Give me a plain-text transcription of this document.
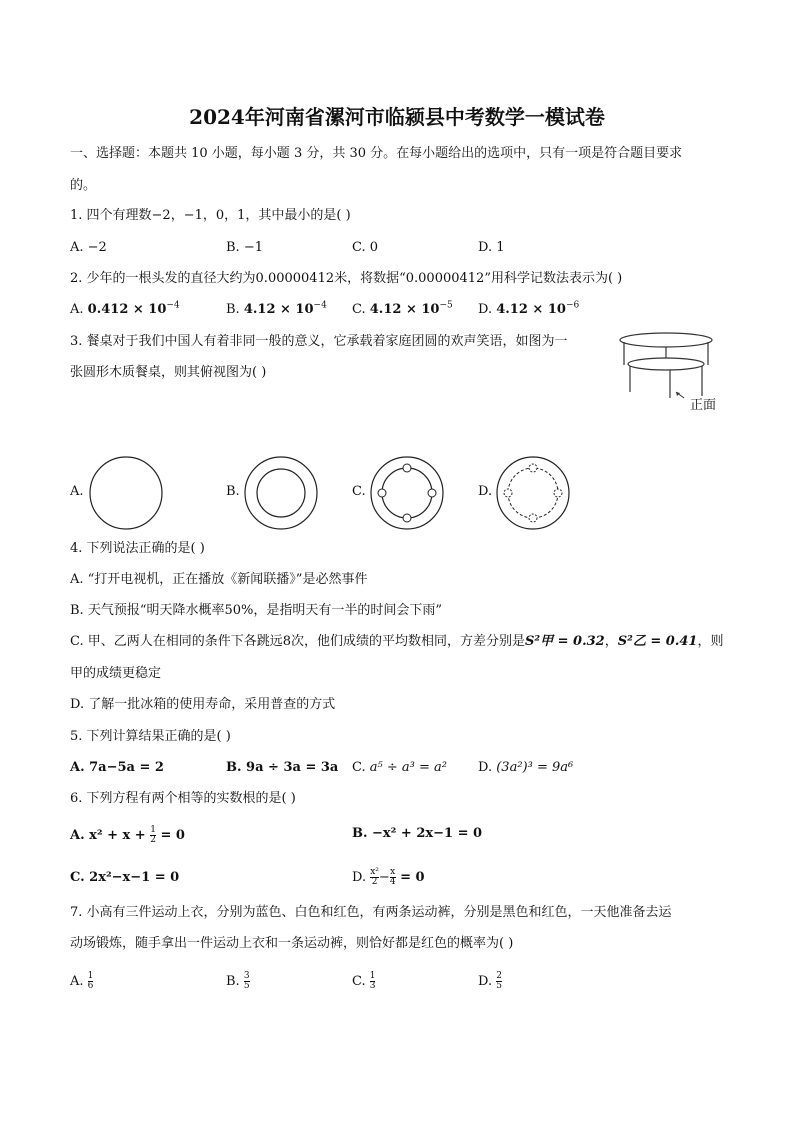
2024年河南省漯河市临颍县中考数学一模试卷
一、选择题：本题共 10 小题，每小题 3 分，共 30 分。在每小题给出的选项中，只有一项是符合题目要求
的。
1. 四个有理数−2，−1，0，1，其中最小的是( )
A. −2	B. −1	C. 0	D. 1
2. 少年的一根头发的直径大约为0.00000412米，将数据“0.00000412”用科学记数法表示为( )
A. $0.412 \times 10^{-4}$	B. $4.12 \times 10^{-4}$ C. $4.12 \times 10^{-5}$ D. $4.12 \times 10^{-6}$
3. 餐桌对于我们中国人有着非同一般的意义，它承载着家庭团圆的欢声笑语，如图为一
张圆形木质餐桌，则其俯视图为( )
正面
A.	B.	C.	D.
4. 下列说法正确的是( )
A. “打开电视机，正在播放《新闻联播》”是必然事件
B. 天气预报“明天降水概率50%，是指明天有一半的时间会下雨”
C. 甲、乙两人在相同的条件下各跳远8次，他们成绩的平均数相同，方差分别是S²甲 = 0.32，S²乙 = 0.41，则
甲的成绩更稳定
D. 了解一批冰箱的使用寿命，采用普查的方式
5. 下列计算结果正确的是( )
A. 7a−5a = 2	B. 9a ÷ 3a = 3a C. a⁵ ÷ a³ = a² D. (3a²)³ = 9a⁶
6. 下列方程有两个相等的实数根的是( )
A. $x^2 + x + \frac{1}{2} = 0$	B. −x² + 2x−1 = 0
C. 2x²−x−1 = 0	D. $\frac{\text{x²}}{2} - \frac{x}{4} = 0$
7. 小高有三件运动上衣，分别为蓝色、白色和红色，有两条运动裤，分别是黑色和红色，一天他准备去运
动场锻炼，随手拿出一件运动上衣和一条运动裤，则恰好都是红色的概率为( )
A. $\frac{1}{6}$	B. $\frac{3}{5}$	C. $\frac{1}{3}$	D. $\frac{2}{5}$
